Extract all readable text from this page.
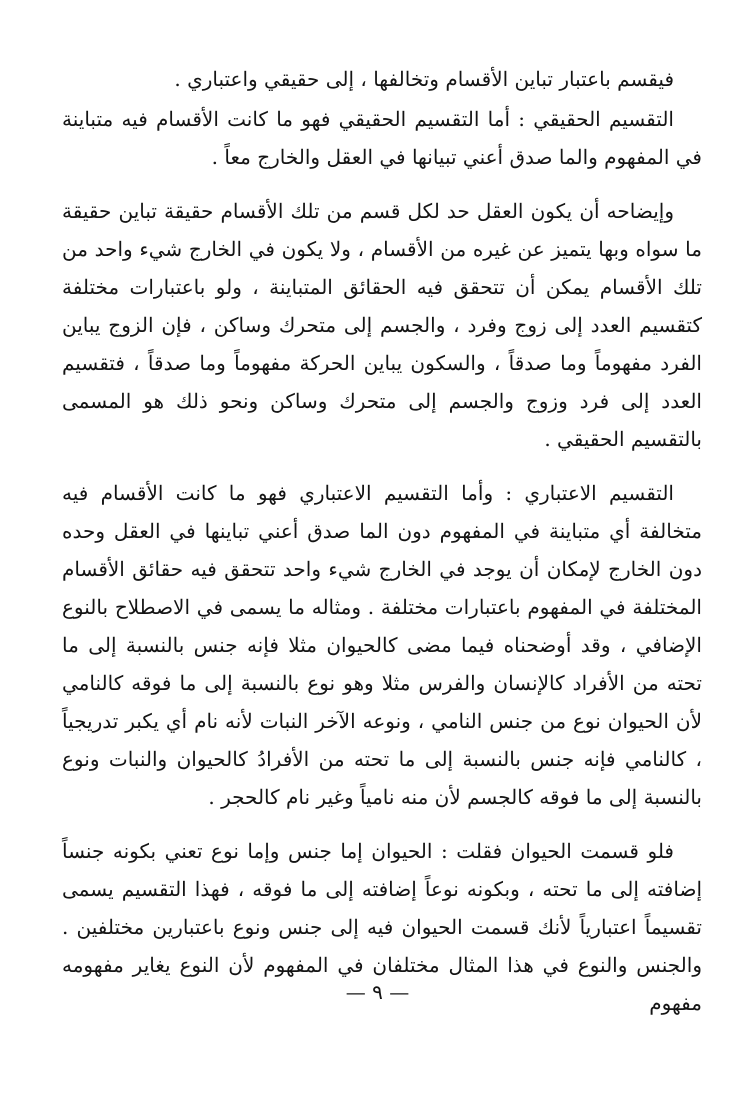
فيقسم باعتبار تباين الأقسام وتخالفها ، إلى حقيقي واعتباري .

التقسيم الحقيقي : أما التقسيم الحقيقي فهو ما كانت الأقسام فيه متباينة في المفهوم والما صدق أعني تبيانها في العقل والخارج معاً .

وإيضاحه أن يكون العقل حد لكل قسم من تلك الأقسام حقيقة تباين حقيقة ما سواه وبها يتميز عن غيره من الأقسام ، ولا يكون في الخارج شيء واحد من تلك الأقسام يمكن أن تتحقق فيه الحقائق المتباينة ، ولو باعتبارات مختلفة كتقسيم العدد إلى زوج وفرد ، والجسم إلى متحرك وساكن ، فإن الزوج يباين الفرد مفهوماً وما صدقاً ، والسكون يباين الحركة مفهوماً وما صدقاً ، فتقسيم العدد إلى فرد وزوج والجسم إلى متحرك وساكن ونحو ذلك هو المسمى بالتقسيم الحقيقي .

التقسيم الاعتباري : وأما التقسيم الاعتباري فهو ما كانت الأقسام فيه متخالفة أي متباينة في المفهوم دون الما صدق أعني تباينها في العقل وحده دون الخارج لإمكان أن يوجد في الخارج شيء واحد تتحقق فيه حقائق الأقسام المختلفة في المفهوم باعتبارات مختلفة . ومثاله ما يسمى في الاصطلاح بالنوع الإضافي ، وقد أوضحناه فيما مضى كالحيوان مثلا فإنه جنس بالنسبة إلى ما تحته من الأفراد كالإنسان والفرس مثلا وهو نوع بالنسبة إلى ما فوقه كالنامي لأن الحيوان نوع من جنس النامي ، ونوعه الآخر النبات لأنه نام أي يكبر تدريجياً ، كالنامي فإنه جنس بالنسبة إلى ما تحته من الأفرادُ كالحيوان والنبات ونوع بالنسبة إلى ما فوقه كالجسم لأن منه نامياً وغير نام كالحجر .

فلو قسمت الحيوان فقلت : الحيوان إما جنس وإما نوع تعني بكونه جنساً إضافته إلى ما تحته ، وبكونه نوعاً إضافته إلى ما فوقه ، فهذا التقسيم يسمى تقسيماً اعتبارياً لأنك قسمت الحيوان فيه إلى جنس ونوع باعتبارين مختلفين . والجنس والنوع في هذا المثال مختلفان في المفهوم لأن النوع يغاير مفهومه مفهوم

— ٩ —
